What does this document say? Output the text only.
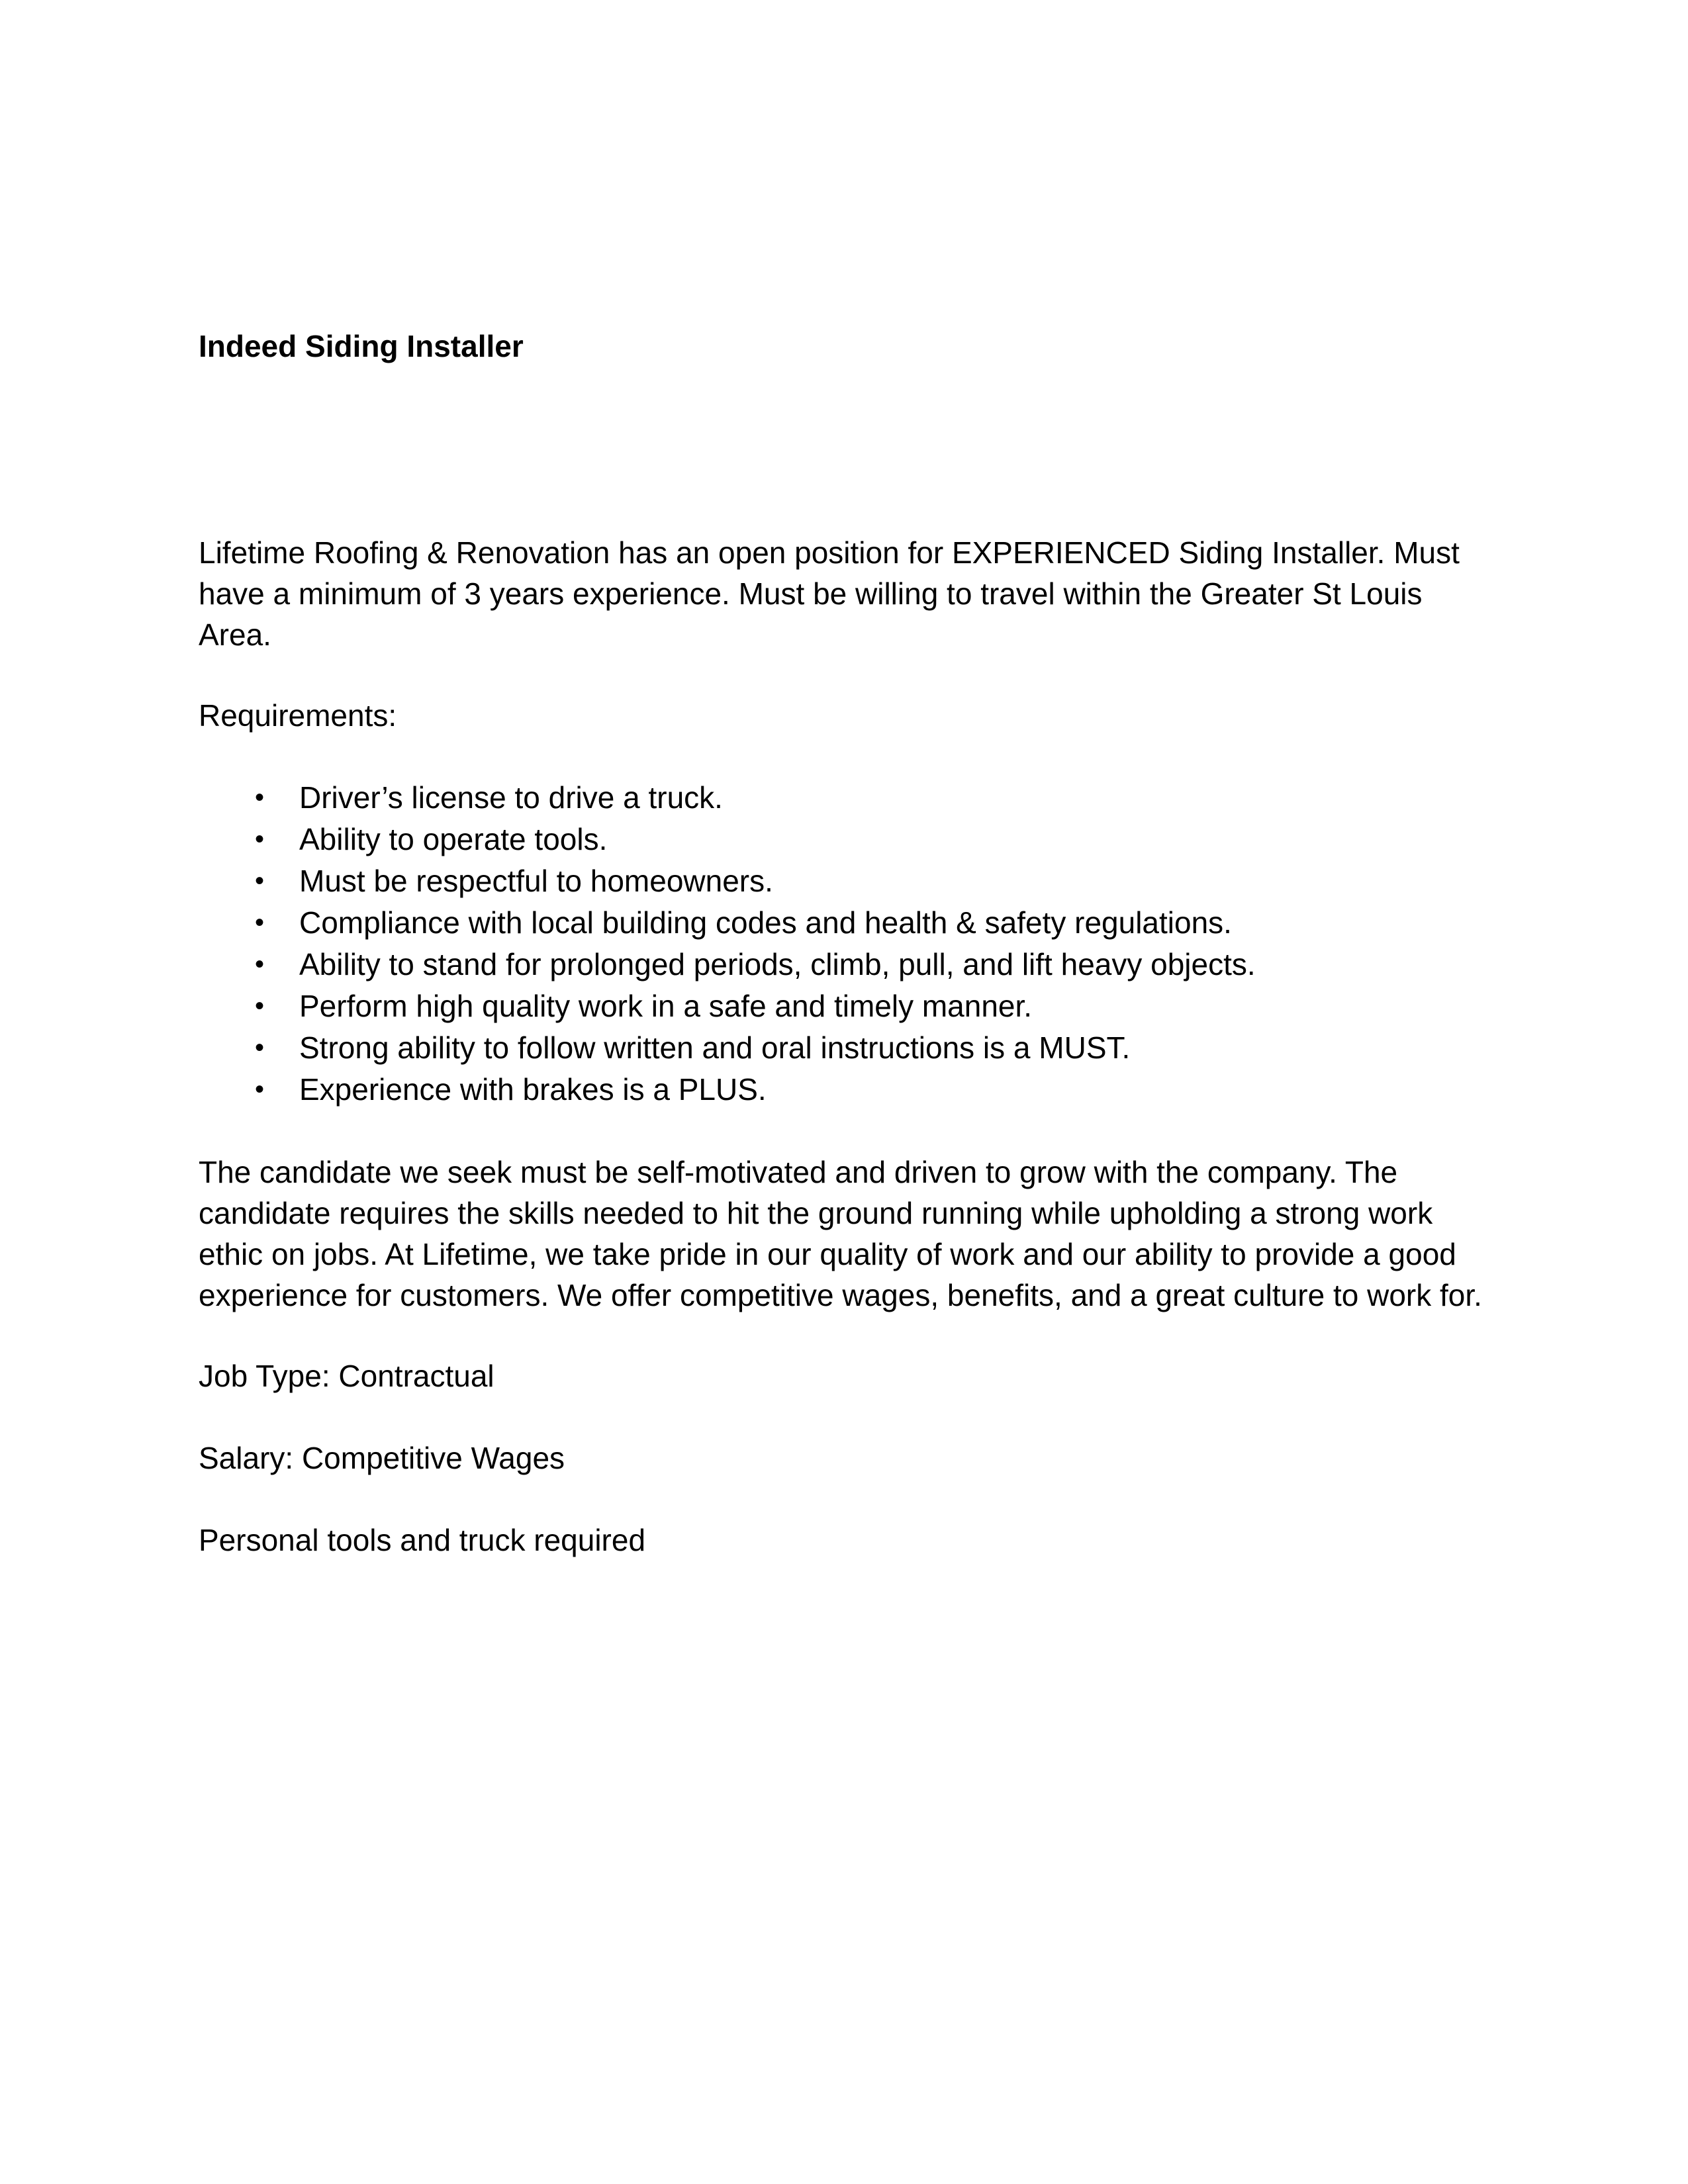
Indeed Siding Installer

Lifetime Roofing & Renovation has an open position for EXPERIENCED Siding Installer. Must have a minimum of 3 years experience. Must be willing to travel within the Greater St Louis Area.

Requirements:

• Driver’s license to drive a truck.
• Ability to operate tools.
• Must be respectful to homeowners.
• Compliance with local building codes and health & safety regulations.
• Ability to stand for prolonged periods, climb, pull, and lift heavy objects.
• Perform high quality work in a safe and timely manner.
• Strong ability to follow written and oral instructions is a MUST.
• Experience with brakes is a PLUS.

The candidate we seek must be self-motivated and driven to grow with the company. The candidate requires the skills needed to hit the ground running while upholding a strong work ethic on jobs. At Lifetime, we take pride in our quality of work and our ability to provide a good experience for customers. We offer competitive wages, benefits, and a great culture to work for.

Job Type: Contractual

Salary: Competitive Wages

Personal tools and truck required
